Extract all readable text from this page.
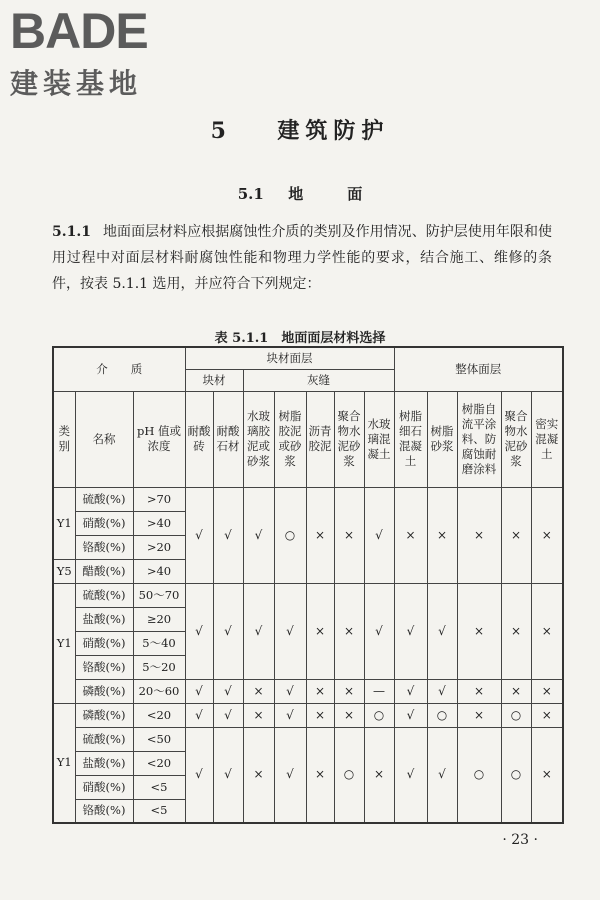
BADE
建装基地
5 建筑防护
5.1 地	面
5.1.1 地面面层材料应根据腐蚀性介质的类别及作用情况、防护层使用年限和使用过程中对面层材料耐腐蚀性能和物理力学性能的要求，结合施工、维修的条件，按表 5.1.1 选用，并应符合下列规定：
表 5.1.1　地面面层材料选择
介　　质			块材面层							整体面层				
			块材		灰缝									
类别	名称	pH 值或浓度	耐酸砖	耐酸石材	水玻璃胶泥或砂浆	树脂胶泥或砂浆	沥青胶泥	聚合物水泥砂浆	水玻璃混凝土	树脂细石混凝土	树脂砂浆	树脂自流平涂料、防腐蚀耐磨涂料	聚合物水泥砂浆	密实混凝土
Y1	硫酸(%)	>70	√	√	√	○	×	×	√	×	×	×	×	×
	硝酸(%)	>40												
	铬酸(%)	>20												
Y5	醋酸(%)	>40												
Y1	硫酸(%)	50～70	√	√	√	√	×	×	√	√	√	×	×	×
	盐酸(%)	≥20												
	硝酸(%)	5～40												
	铬酸(%)	5～20												
	磷酸(%)	20～60	√	√	×	√	×	×	—	√	√	×	×	×
Y1	磷酸(%)	<20	√	√	×	√	×	×	○	√	○	×	○	×
	硫酸(%)	<50	√	√	×	√	×	○	×	√	√	○	○	×
	盐酸(%)	<20												
	硝酸(%)	<5												
	铬酸(%)	<5												
· 23 ·
